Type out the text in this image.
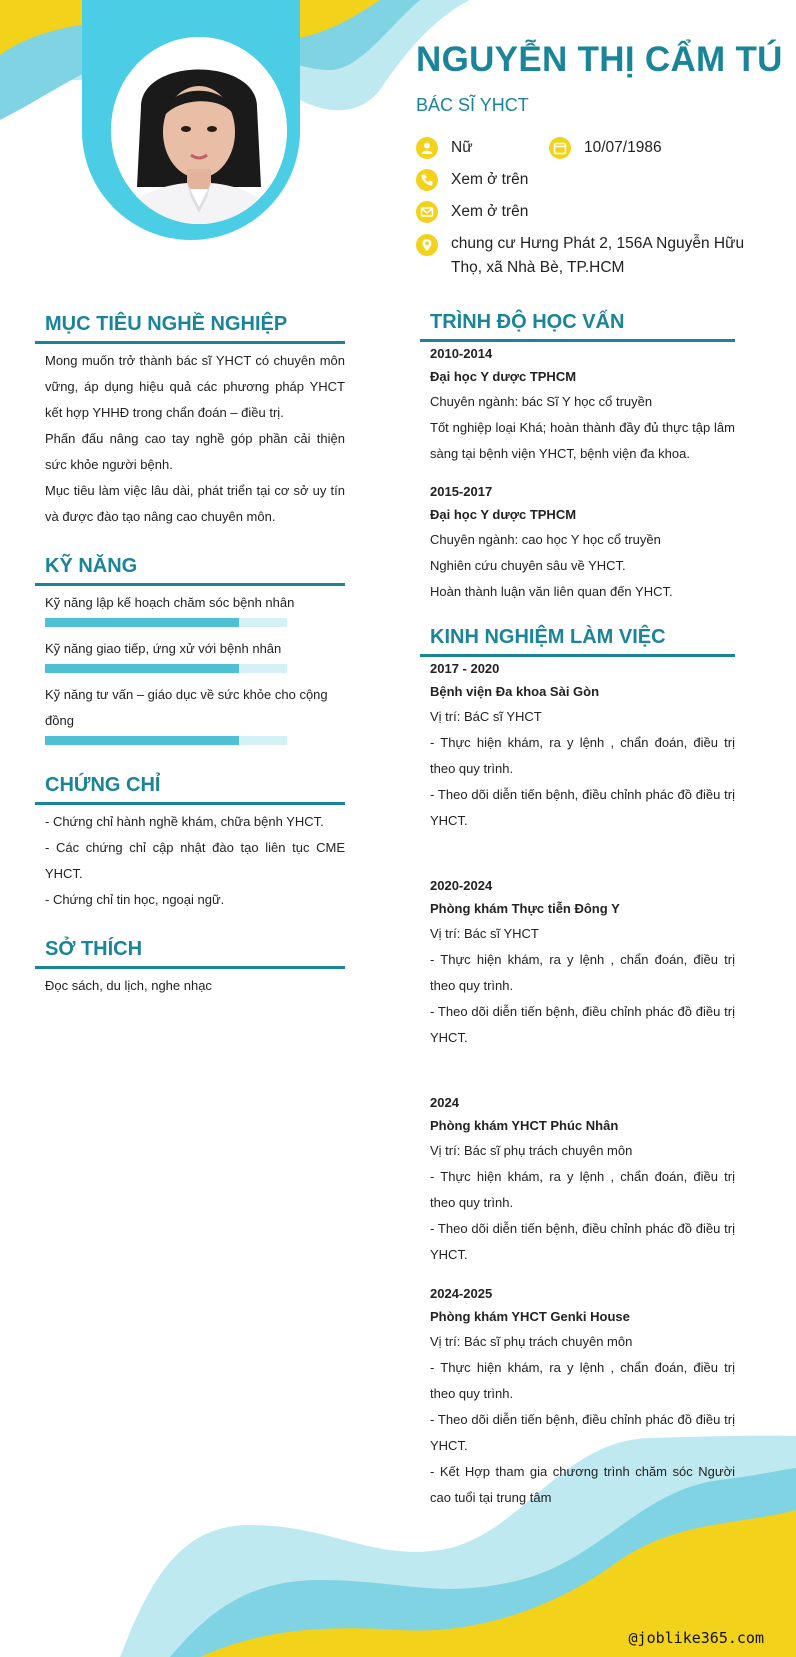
NGUYỄN THỊ CẨM TÚ
BÁC SĨ YHCT
Nữ	10/07/1986
Xem ở trên
Xem ở trên
chung cư Hưng Phát 2, 156A Nguyễn Hữu Thọ, xã Nhà Bè, TP.HCM
MỤC TIÊU NGHỀ NGHIỆP

Mong muốn trở thành bác sĩ YHCT có chuyên môn vững, áp dụng hiệu quả các phương pháp YHCT kết hợp YHHĐ trong chẩn đoán – điều trị.

Phấn đấu nâng cao tay nghề góp phần cải thiện sức khỏe người bệnh.

Mục tiêu làm việc lâu dài, phát triển tại cơ sở uy tín và được đào tạo nâng cao chuyên môn.

KỸ NĂNG
Kỹ năng lập kế hoạch chăm sóc bệnh nhân
Kỹ năng giao tiếp, ứng xử với bệnh nhân
Kỹ năng tư vấn – giáo dục về sức khỏe cho cộng đồng
CHỨNG CHỈ

- Chứng chỉ hành nghề khám, chữa bệnh YHCT.

- Các chứng chỉ cập nhật đào tạo liên tục CME YHCT.

- Chứng chỉ tin học, ngoại ngữ.

SỞ THÍCH
Đọc sách, du lịch, nghe nhạc
TRÌNH ĐỘ HỌC VẤN
2010-2014
Đại học Y dược TPHCM
Chuyên ngành: bác Sĩ Y học cổ truyền
Tốt nghiệp loại Khá; hoàn thành đầy đủ thực tập lâm sàng tại bệnh viện YHCT, bệnh viện đa khoa.
2015-2017
Đại học Y dược TPHCM
Chuyên ngành: cao học Y học cổ truyền
Nghiên cứu chuyên sâu về YHCT.
Hoàn thành luận văn liên quan đến YHCT.
KINH NGHIỆM LÀM VIỆC
2017 - 2020
Bệnh viện Đa khoa Sài Gòn
Vị trí: BáC sĩ YHCT
- Thực hiện khám, ra y lệnh , chẩn đoán, điều trị theo quy trình.
- Theo dõi diễn tiến bệnh, điều chỉnh phác đồ điều trị YHCT.
2020-2024
Phòng khám Thực tiễn Đông Y
Vị trí: Bác sĩ YHCT
- Thực hiện khám, ra y lệnh , chẩn đoán, điều trị theo quy trình.
- Theo dõi diễn tiến bệnh, điều chỉnh phác đồ điều trị YHCT.
2024
Phòng khám YHCT Phúc Nhân
Vị trí: Bác sĩ phụ trách chuyên môn
- Thực hiện khám, ra y lệnh , chẩn đoán, điều trị theo quy trình.
- Theo dõi diễn tiến bệnh, điều chỉnh phác đồ điều trị YHCT.
2024-2025
Phòng khám YHCT Genki House
Vị trí: Bác sĩ phụ trách chuyên môn
- Thực hiện khám, ra y lệnh , chẩn đoán, điều trị theo quy trình.
- Theo dõi diễn tiến bệnh, điều chỉnh phác đồ điều trị YHCT.
- Kết Hợp tham gia chương trình chăm sóc Người cao tuổi tại trung tâm
@joblike365.com
